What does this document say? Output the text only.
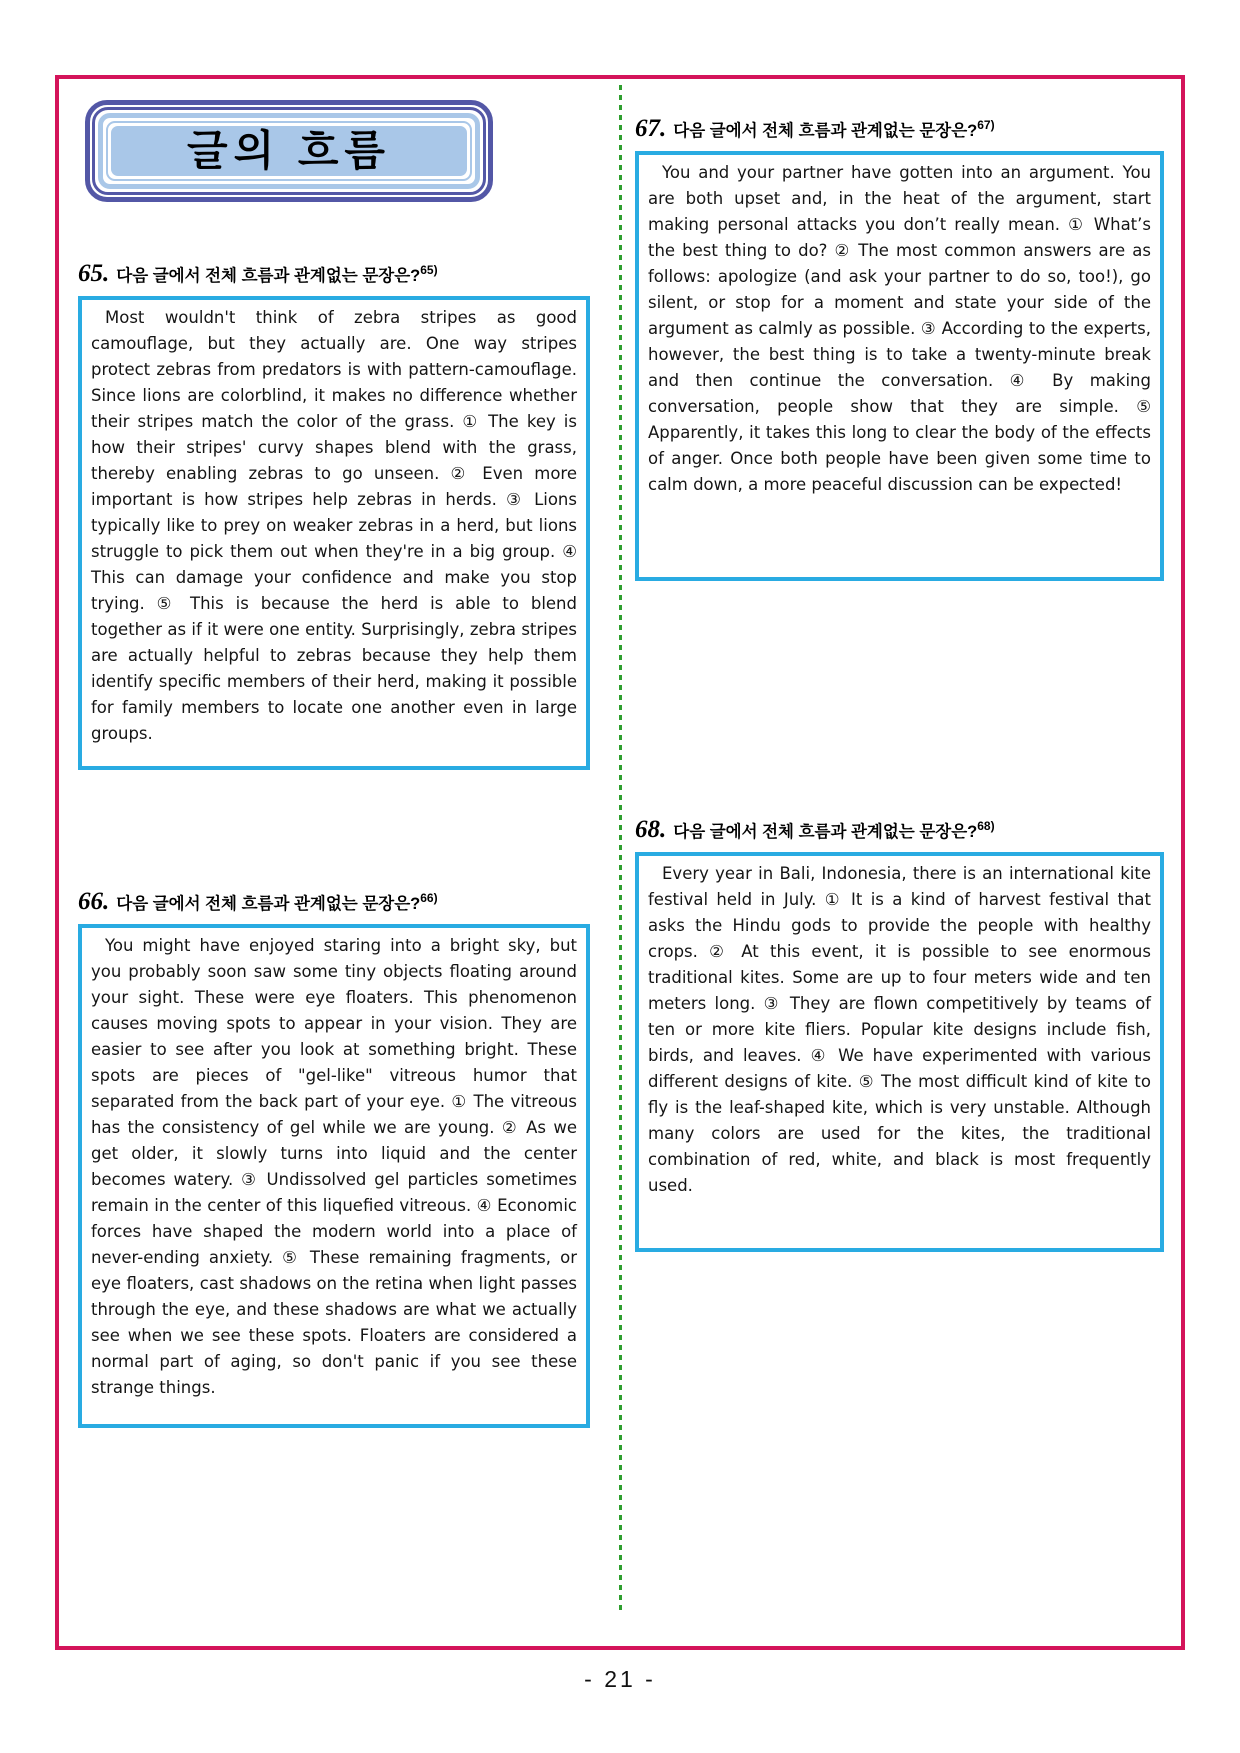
글의 흐름
65. 다음 글에서 전체 흐름과 관계없는 문장은?$^{65)}$

Most wouldn't think of zebra stripes as good camouflage, but they actually are. One way stripes protect zebras from predators is with pattern-camouflage. Since lions are colorblind, it makes no difference whether their stripes match the color of the grass. ① The key is how their stripes' curvy shapes blend with the grass, thereby enabling zebras to go unseen. ② Even more important is how stripes help zebras in herds. ③ Lions typically like to prey on weaker zebras in a herd, but lions struggle to pick them out when they're in a big group. ④ This can damage your confidence and make you stop trying. ⑤ This is because the herd is able to blend together as if it were one entity. Surprisingly, zebra stripes are actually helpful to zebras because they help them identify specific members of their herd, making it possible for family members to locate one another even in large groups.

66. 다음 글에서 전체 흐름과 관계없는 문장은?$^{66)}$

You might have enjoyed staring into a bright sky, but you probably soon saw some tiny objects floating around your sight. These were eye floaters. This phenomenon causes moving spots to appear in your vision. They are easier to see after you look at something bright. These spots are pieces of "gel-like" vitreous humor that separated from the back part of your eye. ① The vitreous has the consistency of gel while we are young. ② As we get older, it slowly turns into liquid and the center becomes watery. ③ Undissolved gel particles sometimes remain in the center of this liquefied vitreous. ④ Economic forces have shaped the modern world into a place of never-ending anxiety. ⑤ These remaining fragments, or eye floaters, cast shadows on the retina when light passes through the eye, and these shadows are what we actually see when we see these spots. Floaters are considered a normal part of aging, so don't panic if you see these strange things.

67. 다음 글에서 전체 흐름과 관계없는 문장은?$^{67)}$

You and your partner have gotten into an argument. You are both upset and, in the heat of the argument, start making personal attacks you don’t really mean. ① What’s the best thing to do? ② The most common answers are as follows: apologize (and ask your partner to do so, too!), go silent, or stop for a moment and state your side of the argument as calmly as possible. ③ According to the experts, however, the best thing is to take a twenty-minute break and then continue the conversation. ④ By making conversation, people show that they are simple. ⑤ Apparently, it takes this long to clear the body of the effects of anger. Once both people have been given some time to calm down, a more peaceful discussion can be expected!

68. 다음 글에서 전체 흐름과 관계없는 문장은?$^{68)}$

Every year in Bali, Indonesia, there is an international kite festival held in July. ① It is a kind of harvest festival that asks the Hindu gods to provide the people with healthy crops. ② At this event, it is possible to see enormous traditional kites. Some are up to four meters wide and ten meters long. ③ They are flown competitively by teams of ten or more kite fliers. Popular kite designs include fish, birds, and leaves. ④ We have experimented with various different designs of kite. ⑤ The most difficult kind of kite to fly is the leaf-shaped kite, which is very unstable. Although many colors are used for the kites, the traditional combination of red, white, and black is most frequently used.

- 21 -
